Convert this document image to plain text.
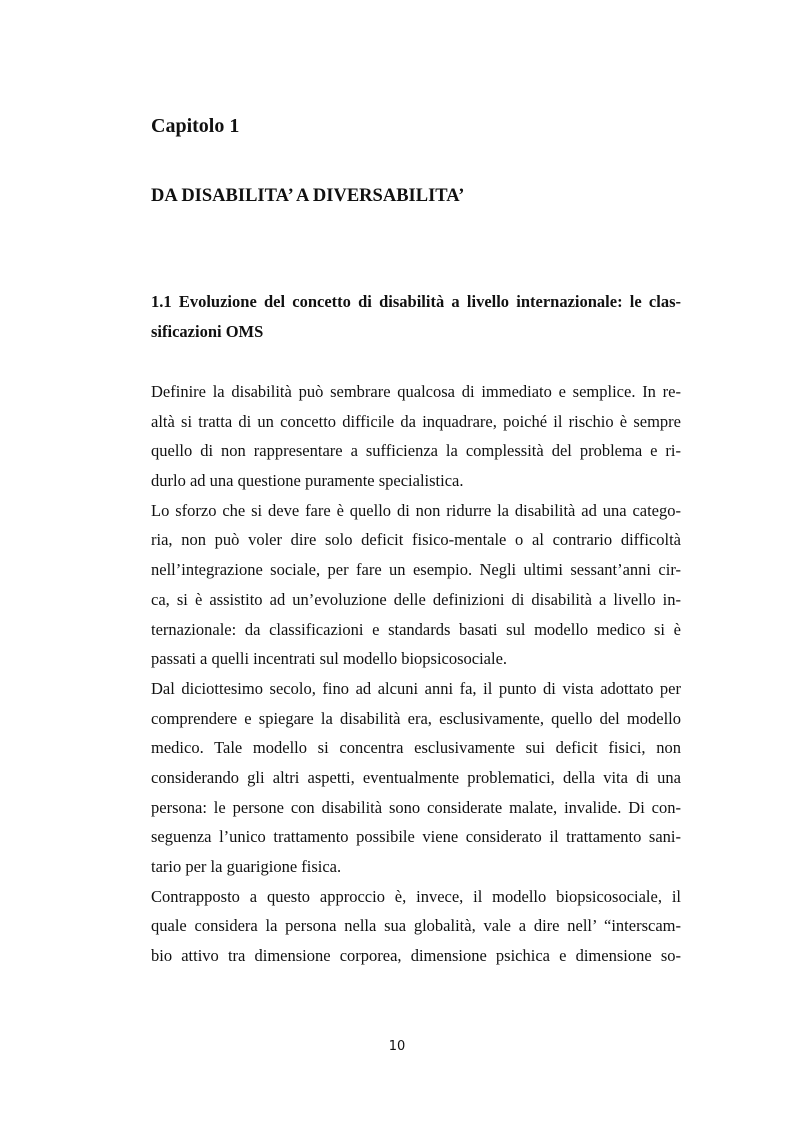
Capitolo 1
DA DISABILITA’ A DIVERSABILITA’
1.1 Evoluzione del concetto di disabilità a livello internazionale: le clas-
sificazioni OMS
Definire la disabilità può sembrare qualcosa di immediato e semplice. In re-
altà si tratta di un concetto difficile da inquadrare, poiché il rischio è sempre
quello di non rappresentare a sufficienza la complessità del problema e ri-
durlo ad una questione puramente specialistica.
Lo sforzo che si deve fare è quello di non ridurre la disabilità ad una catego-
ria, non può voler dire solo deficit fisico-mentale o al contrario difficoltà
nell’integrazione sociale, per fare un esempio. Negli ultimi sessant’anni cir-
ca, si è assistito ad un’evoluzione delle definizioni di disabilità a livello in-
ternazionale: da classificazioni e standards basati sul modello medico si è
passati a quelli incentrati sul modello biopsicosociale.
Dal diciottesimo secolo, fino ad alcuni anni fa, il punto di vista adottato per
comprendere e spiegare la disabilità era, esclusivamente, quello del modello
medico. Tale modello si concentra esclusivamente sui deficit fisici, non
considerando gli altri aspetti, eventualmente problematici, della vita di una
persona: le persone con disabilità sono considerate malate, invalide. Di con-
seguenza l’unico trattamento possibile viene considerato il trattamento sani-
tario per la guarigione fisica.
Contrapposto a questo approccio è, invece, il modello biopsicosociale, il
quale considera la persona nella sua globalità, vale a dire nell’ “interscam-
bio attivo tra dimensione corporea, dimensione psichica e dimensione so-
10
